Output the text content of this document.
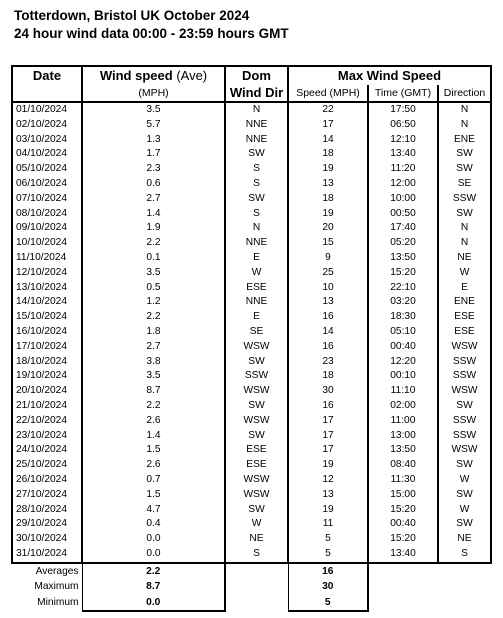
Totterdown, Bristol UK October 2024
24 hour wind data 00:00 - 23:59 hours GMT
Date	Wind speed (Ave)	Dom	Max Wind Speed		
	(MPH)	Wind Dir	Speed (MPH)	Time (GMT)	Direction
01/10/2024	3.5	N	22	17:50	N
02/10/2024	5.7	NNE	17	06:50	N
03/10/2024	1.3	NNE	14	12:10	ENE
04/10/2024	1.7	SW	18	13:40	SW
05/10/2024	2.3	S	19	11:20	SW
06/10/2024	0.6	S	13	12:00	SE
07/10/2024	2.7	SW	18	10:00	SSW
08/10/2024	1.4	S	19	00:50	SW
09/10/2024	1.9	N	20	17:40	N
10/10/2024	2.2	NNE	15	05:20	N
11/10/2024	0.1	E	9	13:50	NE
12/10/2024	3.5	W	25	15:20	W
13/10/2024	0.5	ESE	10	22:10	E
14/10/2024	1.2	NNE	13	03:20	ENE
15/10/2024	2.2	E	16	18:30	ESE
16/10/2024	1.8	SE	14	05:10	ESE
17/10/2024	2.7	WSW	16	00:40	WSW
18/10/2024	3.8	SW	23	12:20	SSW
19/10/2024	3.5	SSW	18	00:10	SSW
20/10/2024	8.7	WSW	30	11:10	WSW
21/10/2024	2.2	SW	16	02:00	SW
22/10/2024	2.6	WSW	17	11:00	SSW
23/10/2024	1.4	SW	17	13:00	SSW
24/10/2024	1.5	ESE	17	13:50	WSW
25/10/2024	2.6	ESE	19	08:40	SW
26/10/2024	0.7	WSW	12	11:30	W
27/10/2024	1.5	WSW	13	15:00	SW
28/10/2024	4.7	SW	19	15:20	W
29/10/2024	0.4	W	11	00:40	SW
30/10/2024	0.0	NE	5	15:20	NE
31/10/2024	0.0	S	5	13:40	S
Averages	2.2		16		
Maximum	8.7		30		
Minimum	0.0		5		
